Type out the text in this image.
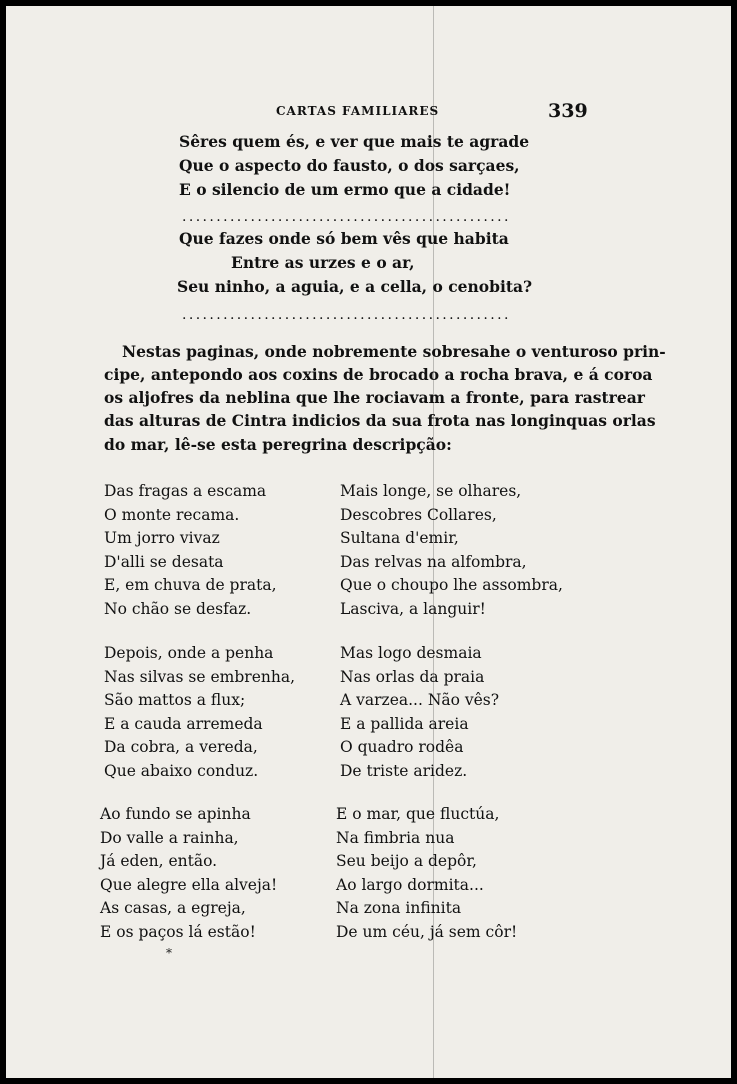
CARTAS FAMILIARES	339
Sêres quem és, e ver que mais te agrade
Que o aspecto do fausto, o dos sarçaes,
E o silencio de um ermo que a cidade!
................................................
Que fazes onde só bem vês que habita
Entre as urzes e o ar,
Seu ninho, a aguia, e a cella, o cenobita?
................................................
Nestas paginas, onde nobremente sobresahe o venturoso prin-
cipe, antepondo aos coxins de brocado a rocha brava, e á coroa
os aljofres da neblina que lhe rociavam a fronte, para rastrear
das alturas de Cintra indicios da sua frota nas longinquas orlas
do mar, lê-se esta peregrina descripção:
Das fragas a escama
O monte recama.
Um jorro vivaz
D'alli se desata
E, em chuva de prata,
No chão se desfaz.
Depois, onde a penha
Nas silvas se embrenha,
São mattos a flux;
E a cauda arremeda
Da cobra, a vereda,
Que abaixo conduz.
Ao fundo se apinha
Do valle a rainha,
Já eden, então.
Que alegre ella alveja!
As casas, a egreja,
E os paços lá estão!
Mais longe, se olhares,
Descobres Collares,
Sultana d'emir,
Das relvas na alfombra,
Que o choupo lhe assombra,
Lasciva, a languir!
Mas logo desmaia
Nas orlas da praia
A varzea... Não vês?
E a pallida areia
O quadro rodêa
De triste aridez.
E o mar, que fluctúa,
Na fimbria nua
Seu beijo a depôr,
Ao largo dormita...
Na zona infinita
De um céu, já sem côr!
*
